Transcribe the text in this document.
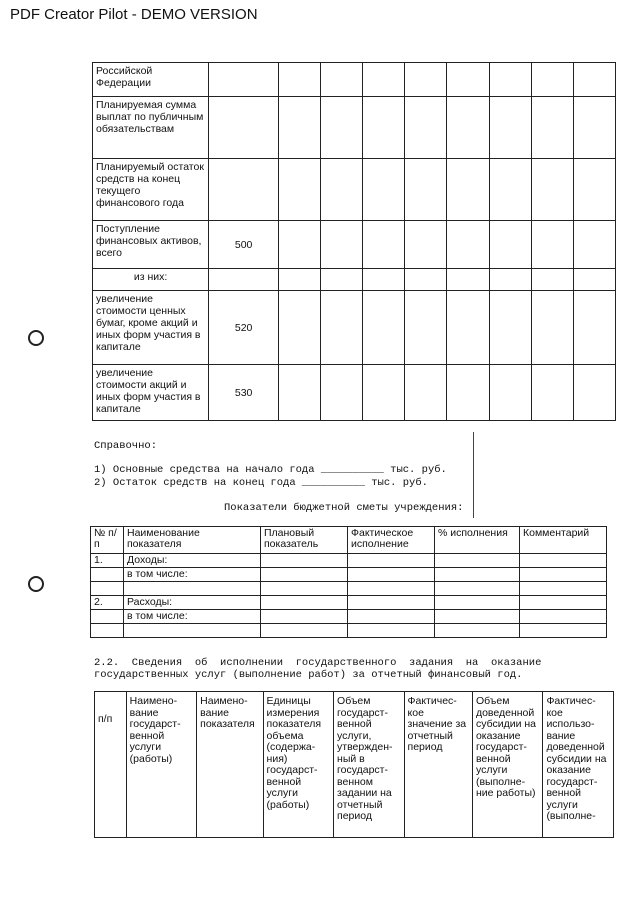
PDF Creator Pilot - DEMO VERSION
Российской Федерации									
Планируемая сумма выплат по публичным обязательствам									
Планируемый остаток средств на конец текущего финансового года									
Поступление финансовых активов, всего	500								
из них:									
увеличение стоимости ценных бумаг, кроме акций и иных форм участия в капитале	520								
увеличение стоимости акций и иных форм участия в капитале	530								
Справочно:
1) Основные средства на начало года __________ тыс. руб.
2) Остаток средств на конец года __________ тыс. руб.
Показатели бюджетной сметы учреждения:
№ п/п	Наименование показателя	Плановый показатель	Фактическое исполнение	% исполнения	Комментарий
1.	Доходы:				
	в том числе:				

2.	Расходы:				
	в том числе:				

2.2.  Сведения  об  исполнении  государственного  задания  на  оказание
государственных услуг (выполнение работ) за отчетный финансовый год.
п/п	Наимено-вание государст-венной услуги (работы)	Наимено-вание показателя	Единицы измерения показателя объема (содержа-ния) государст-венной услуги (работы)	Объем государст-венной услуги, утвержден-ный в государст-венном задании на отчетный период	Фактичес-кое значение за отчетный период	Объем доведенной субсидии на оказание государст-венной услуги (выполне-ние работы)	Фактичес-кое использо-вание доведенной субсидии на оказание государст-венной услуги (выполне-
